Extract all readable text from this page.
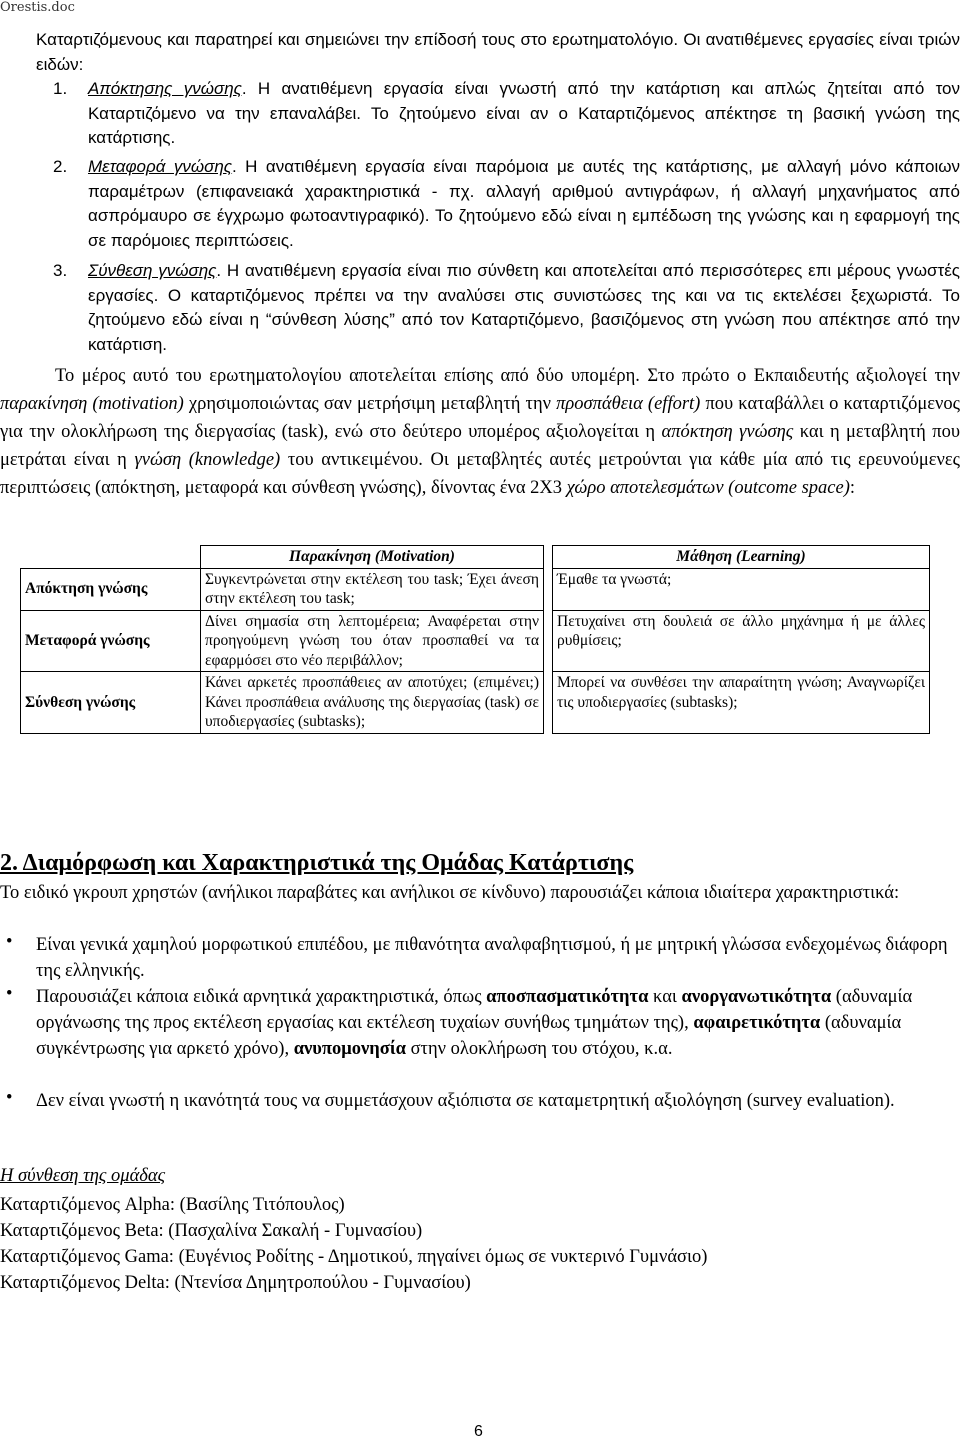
Orestis.doc
Καταρτιζόμενους και παρατηρεί και σημειώνει την επίδοσή τους στο ερωτηματολόγιο. Οι ανατιθέμενες εργασίες είναι τριών ειδών:
1. Απόκτησης γνώσης. Η ανατιθέμενη εργασία είναι γνωστή από την κατάρτιση και απλώς ζητείται από τον Καταρτιζόμενο να την επαναλάβει. Το ζητούμενο είναι αν ο Καταρτιζόμενος απέκτησε τη βασική γνώση της κατάρτισης.
2. Μεταφορά γνώσης. Η ανατιθέμενη εργασία είναι παρόμοια με αυτές της κατάρτισης, με αλλαγή μόνο κάποιων παραμέτρων (επιφανειακά χαρακτηριστικά - πχ. αλλαγή αριθμού αντιγράφων, ή αλλαγή μηχανήματος από ασπρόμαυρο σε έγχρωμο φωτοαντιγραφικό). Το ζητούμενο εδώ είναι η εμπέδωση της γνώσης και η εφαρμογή της σε παρόμοιες περιπτώσεις.
3. Σύνθεση γνώσης. Η ανατιθέμενη εργασία είναι πιο σύνθετη και αποτελείται από περισσότερες επι μέρους γνωστές εργασίες. Ο καταρτιζόμενος πρέπει να την αναλύσει στις συνιστώσες της και να τις εκτελέσει ξεχωριστά. Το ζητούμενο εδώ είναι η “σύνθεση λύσης” από τον Καταρτιζόμενο, βασιζόμενος στη γνώση που απέκτησε από την κατάρτιση.
Το μέρος αυτό του ερωτηματολογίου αποτελείται επίσης από δύο υπομέρη. Στο πρώτο ο Εκπαιδευτής αξιολογεί την παρακίνηση (motivation) χρησιμοποιώντας σαν μετρήσιμη μεταβλητή την προσπάθεια (effort) που καταβάλλει ο καταρτιζόμενος για την ολοκλήρωση της διεργασίας (task), ενώ στο δεύτερο υπομέρος αξιολογείται η απόκτηση γνώσης και η μεταβλητή που μετράται είναι η γνώση (knowledge) του αντικειμένου. Οι μεταβλητές αυτές μετρούνται για κάθε μία από τις ερευνούμενες περιπτώσεις (απόκτηση, μεταφορά και σύνθεση γνώσης), δίνοντας ένα 2Χ3 χώρο αποτελεσμάτων (outcome space):
	Παρακίνηση (Motivation)		Μάθηση (Learning)
Απόκτηση γνώσης	Συγκεντρώνεται στην εκτέλεση του task; Έχει άνεση στην εκτέλεση του task;		Έμαθε τα γνωστά;
Μεταφορά γνώσης	Δίνει σημασία στη λεπτομέρεια; Αναφέρεται στην προηγούμενη γνώση του όταν προσπαθεί να τα εφαρμόσει στο νέο περιβάλλον;		Πετυχαίνει στη δουλειά σε άλλο μηχάνημα ή με άλλες ρυθμίσεις;
Σύνθεση γνώσης	Κάνει αρκετές προσπάθειες αν αποτύχει; (επιμένει;) Κάνει προσπάθεια ανάλυσης της διεργασίας (task) σε υποδιεργασίες (subtasks);		Μπορεί να συνθέσει την απαραίτητη γνώση; Αναγνωρίζει τις υποδιεργασίες (subtasks);
2. Διαμόρφωση και Χαρακτηριστικά της Ομάδας Κατάρτισης
Το ειδικό γκρουπ χρηστών (ανήλικοι παραβάτες και ανήλικοι σε κίνδυνο) παρουσιάζει κάποια ιδιαίτερα χαρακτηριστικά:
• Είναι γενικά χαμηλού μορφωτικού επιπέδου, με πιθανότητα αναλφαβητισμού, ή με μητρική γλώσσα ενδεχομένως διάφορη της ελληνικής.
• Παρουσιάζει κάποια ειδικά αρνητικά χαρακτηριστικά, όπως αποσπασματικότητα και ανοργανωτικότητα (αδυναμία οργάνωσης της προς εκτέλεση εργασίας και εκτέλεση τυχαίων συνήθως τμημάτων της), αφαιρετικότητα (αδυναμία συγκέντρωσης για αρκετό χρόνο), ανυπομονησία στην ολοκλήρωση του στόχου, κ.α.
• Δεν είναι γνωστή η ικανότητά τους να συμμετάσχουν αξιόπιστα σε καταμετρητική αξιολόγηση (survey evaluation).
Η σύνθεση της ομάδας
Καταρτιζόμενος Alpha: (Βασίλης Τιτόπουλος)
Καταρτιζόμενος Beta: (Πασχαλίνα Σακαλή - Γυμνασίου)
Καταρτιζόμενος Gama: (Ευγένιος Ροδίτης - Δημοτικού, πηγαίνει όμως σε νυκτερινό Γυμνάσιο)
Καταρτιζόμενος Delta: (Ντενίσα Δημητροπούλου - Γυμνασίου)
6
